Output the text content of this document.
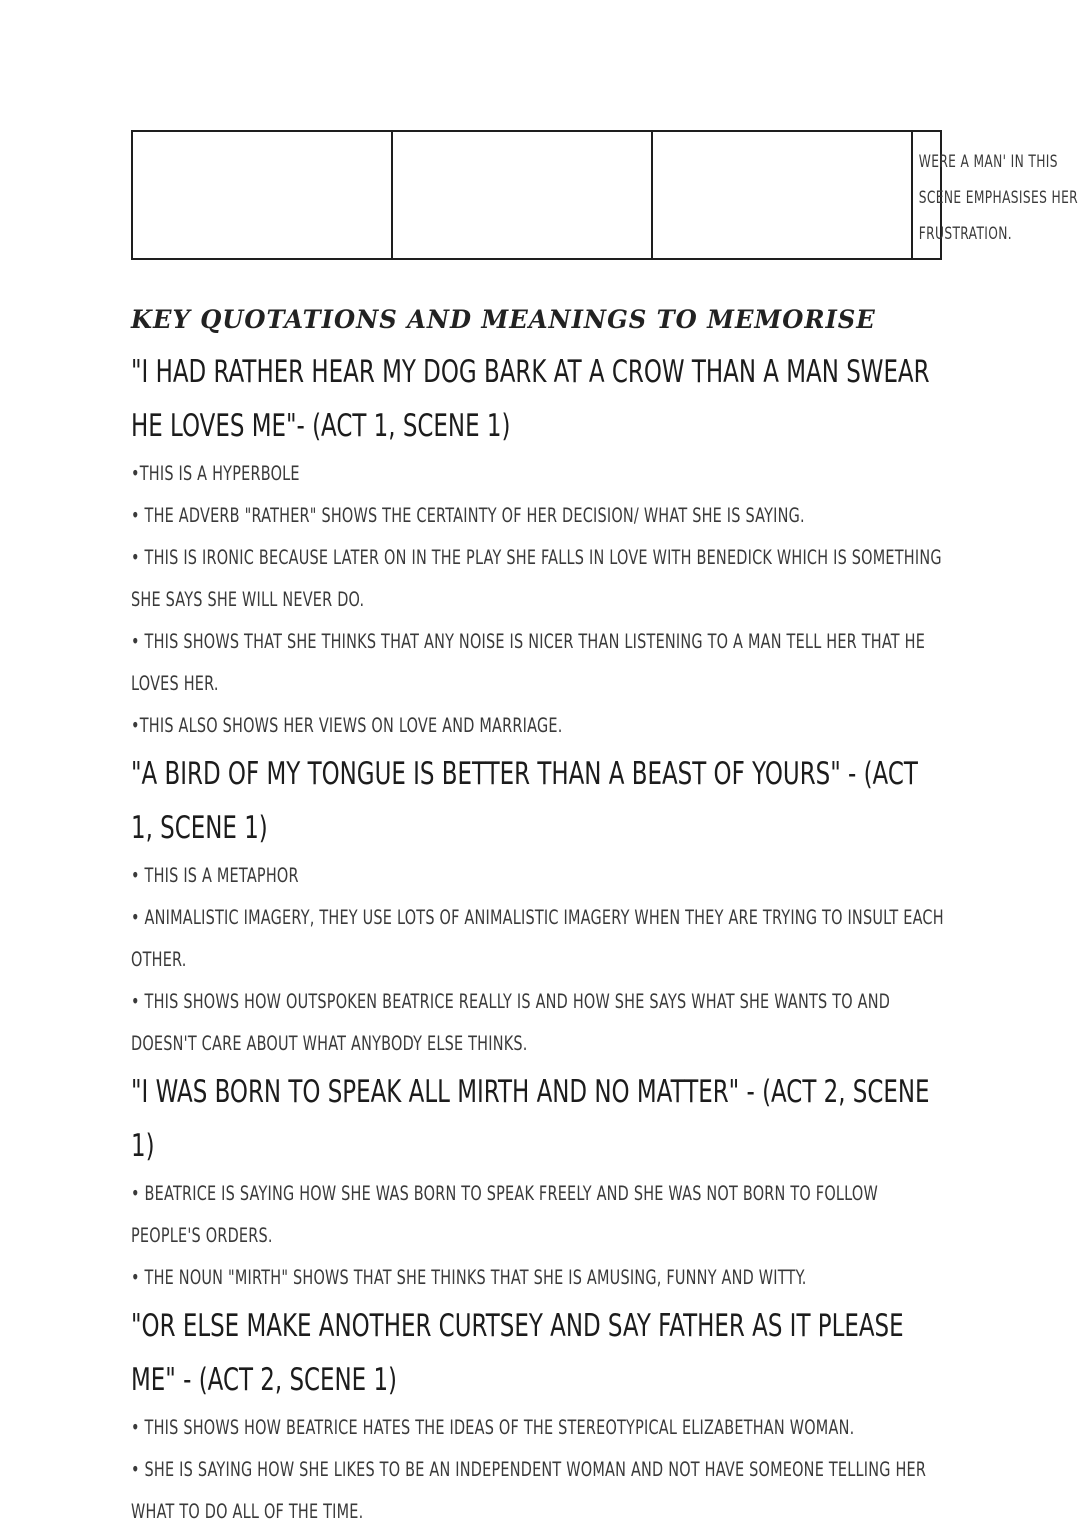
WERE A MAN' IN THIS SCENE EMPHASISES HER FRUSTRATION.
KEY QUOTATIONS AND MEANINGS TO MEMORISE

"I HAD RATHER HEAR MY DOG BARK AT A CROW THAN A MAN SWEAR HE LOVES ME"- (ACT 1, SCENE 1)

•THIS IS A HYPERBOLE

• THE ADVERB "RATHER" SHOWS THE CERTAINTY OF HER DECISION/ WHAT SHE IS SAYING.

• THIS IS IRONIC BECAUSE LATER ON IN THE PLAY SHE FALLS IN LOVE WITH BENEDICK WHICH IS SOMETHING SHE SAYS SHE WILL NEVER DO.

• THIS SHOWS THAT SHE THINKS THAT ANY NOISE IS NICER THAN LISTENING TO A MAN TELL HER THAT HE LOVES HER.

•THIS ALSO SHOWS HER VIEWS ON LOVE AND MARRIAGE.

"A BIRD OF MY TONGUE IS BETTER THAN A BEAST OF YOURS" - (ACT 1, SCENE 1)

• THIS IS A METAPHOR

• ANIMALISTIC IMAGERY, THEY USE LOTS OF ANIMALISTIC IMAGERY WHEN THEY ARE TRYING TO INSULT EACH OTHER.

• THIS SHOWS HOW OUTSPOKEN BEATRICE REALLY IS AND HOW SHE SAYS WHAT SHE WANTS TO AND DOESN'T CARE ABOUT WHAT ANYBODY ELSE THINKS.

"I WAS BORN TO SPEAK ALL MIRTH AND NO MATTER" - (ACT 2, SCENE 1)

• BEATRICE IS SAYING HOW SHE WAS BORN TO SPEAK FREELY AND SHE WAS NOT BORN TO FOLLOW PEOPLE'S ORDERS.

• THE NOUN "MIRTH" SHOWS THAT SHE THINKS THAT SHE IS AMUSING, FUNNY AND WITTY.

"OR ELSE MAKE ANOTHER CURTSEY AND SAY FATHER AS IT PLEASE ME" - (ACT 2, SCENE 1)

• THIS SHOWS HOW BEATRICE HATES THE IDEAS OF THE STEREOTYPICAL ELIZABETHAN WOMAN.

• SHE IS SAYING HOW SHE LIKES TO BE AN INDEPENDENT WOMAN AND NOT HAVE SOMEONE TELLING HER WHAT TO DO ALL OF THE TIME.
